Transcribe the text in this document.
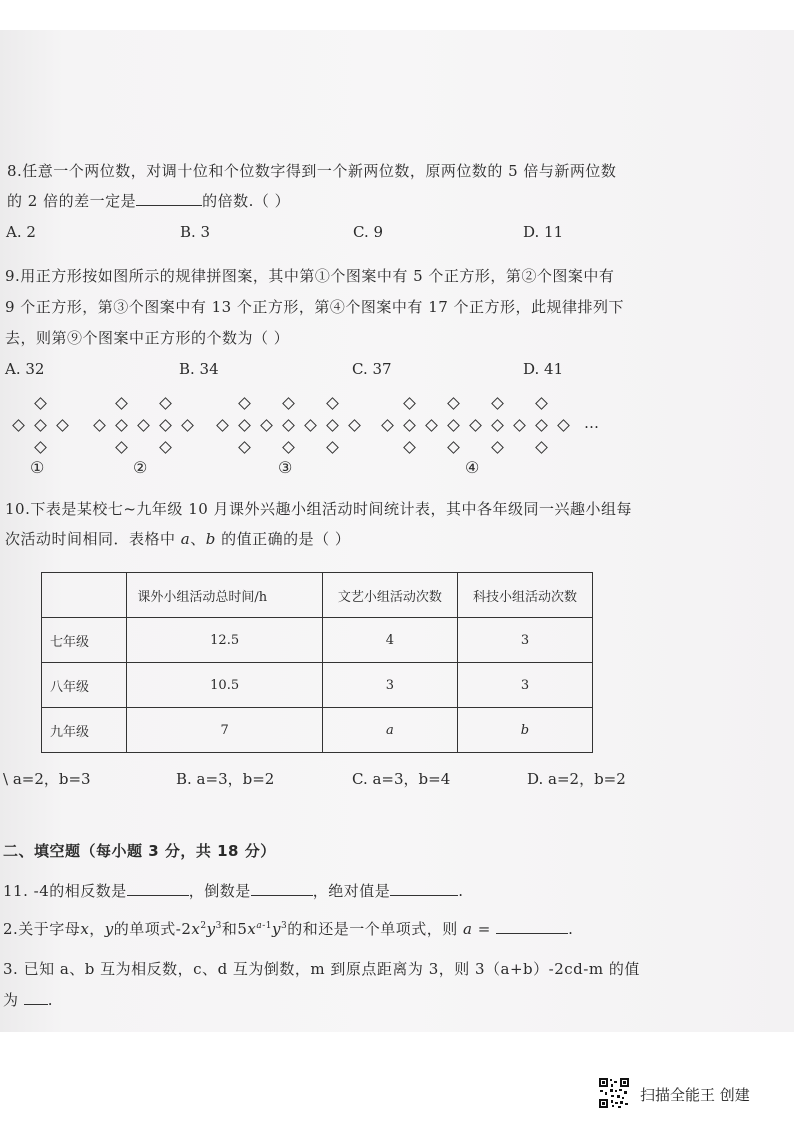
8.任意一个两位数，对调十位和个位数字得到一个新两位数，原两位数的 5 倍与新两位数
的 2 倍的差一定是	的倍数.（ ）
A. 2	B. 3	C. 9	D. 11
9.用正方形按如图所示的规律拼图案，其中第①个图案中有 5 个正方形，第②个图案中有
9 个正方形，第③个图案中有 13 个正方形，第④个图案中有 17 个正方形，此规律排列下
去，则第⑨个图案中正方形的个数为（ ）
A. 32	B. 34	C. 37	D. 41
…
①	②	③	④
10.下表是某校七~九年级 10 月课外兴趣小组活动时间统计表，其中各年级同一兴趣小组每
次活动时间相同．表格中 a、b 的值正确的是（ ）
	课外小组活动总时间/h	文艺小组活动次数	科技小组活动次数
七年级	12.5	4	3
八年级	10.5	3	3
九年级	7	a	b
\ a=2，b=3	B. a=3，b=2	C. a=3，b=4	D. a=2，b=2
二、填空题（每小题 3 分，共 18 分）
11. -4的相反数是	，倒数是	，绝对值是	.
2.关于字母x，y的单项式$-2x^2y^3$和$5x^{a-1}y^3$的和还是一个单项式，则 a =	.
3. 已知 a、b 互为相反数，c、d 互为倒数，m 到原点距离为 3，则 3（a+b）-2cd-m 的值
为 .
扫描全能王 创建
